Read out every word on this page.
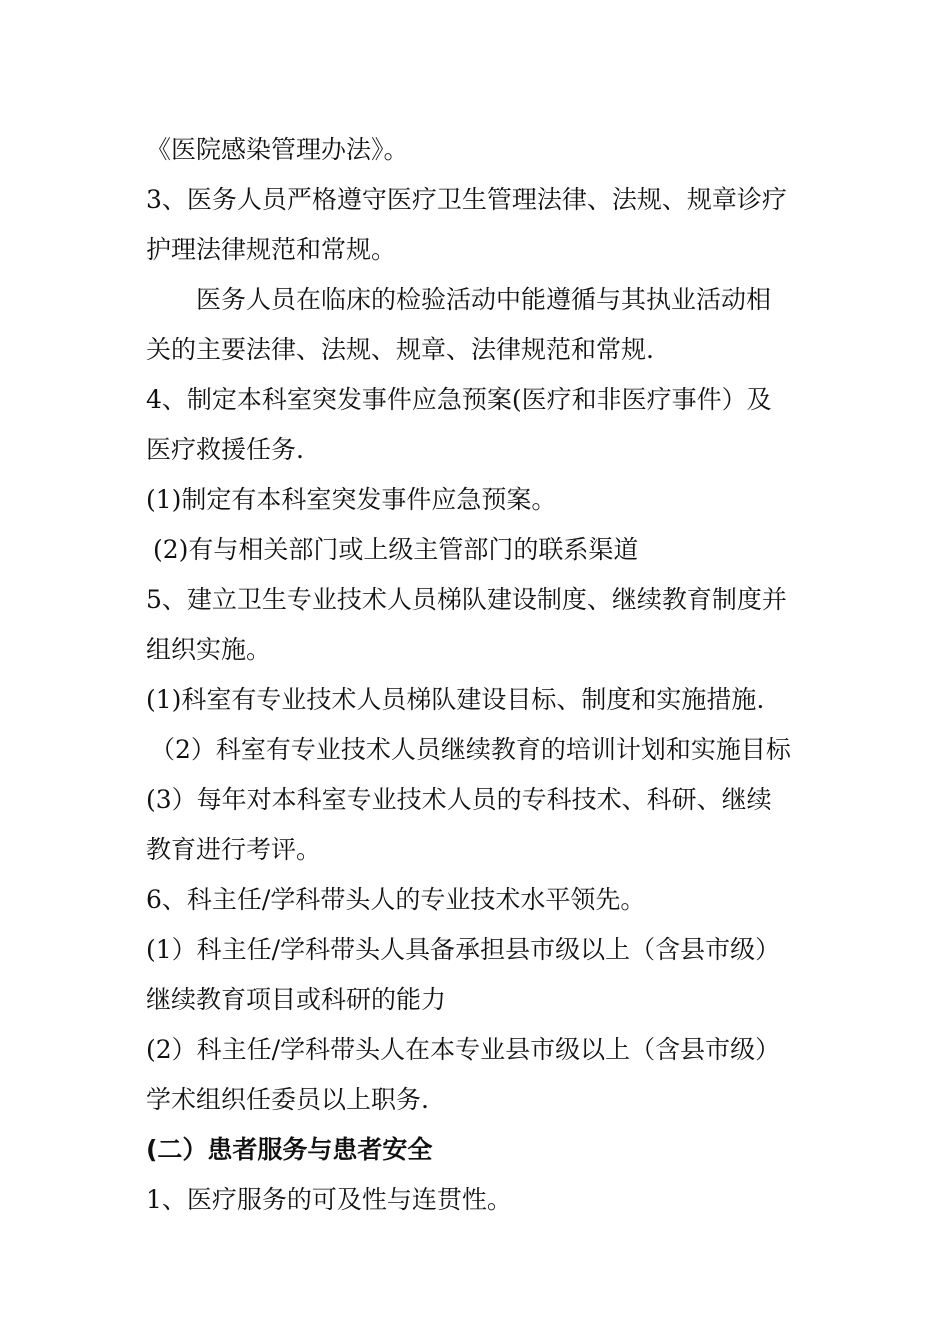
《医院感染管理办法》。
3、医务人员严格遵守医疗卫生管理法律、法规、规章诊疗
护理法律规范和常规。
医务人员在临床的检验活动中能遵循与其执业活动相
关的主要法律、法规、规章、法律规范和常规.
4、制定本科室突发事件应急预案(医疗和非医疗事件）及
医疗救援任务.
(1)制定有本科室突发事件应急预案。
(2)有与相关部门或上级主管部门的联系渠道
5、建立卫生专业技术人员梯队建设制度、继续教育制度并
组织实施。
(1)科室有专业技术人员梯队建设目标、制度和实施措施.
（2）科室有专业技术人员继续教育的培训计划和实施目标
(3）每年对本科室专业技术人员的专科技术、科研、继续
教育进行考评。
6、科主任/学科带头人的专业技术水平领先。
(1）科主任/学科带头人具备承担县市级以上（含县市级）
继续教育项目或科研的能力
(2）科主任/学科带头人在本专业县市级以上（含县市级）
学术组织任委员以上职务.
(二）患者服务与患者安全
1、医疗服务的可及性与连贯性。
